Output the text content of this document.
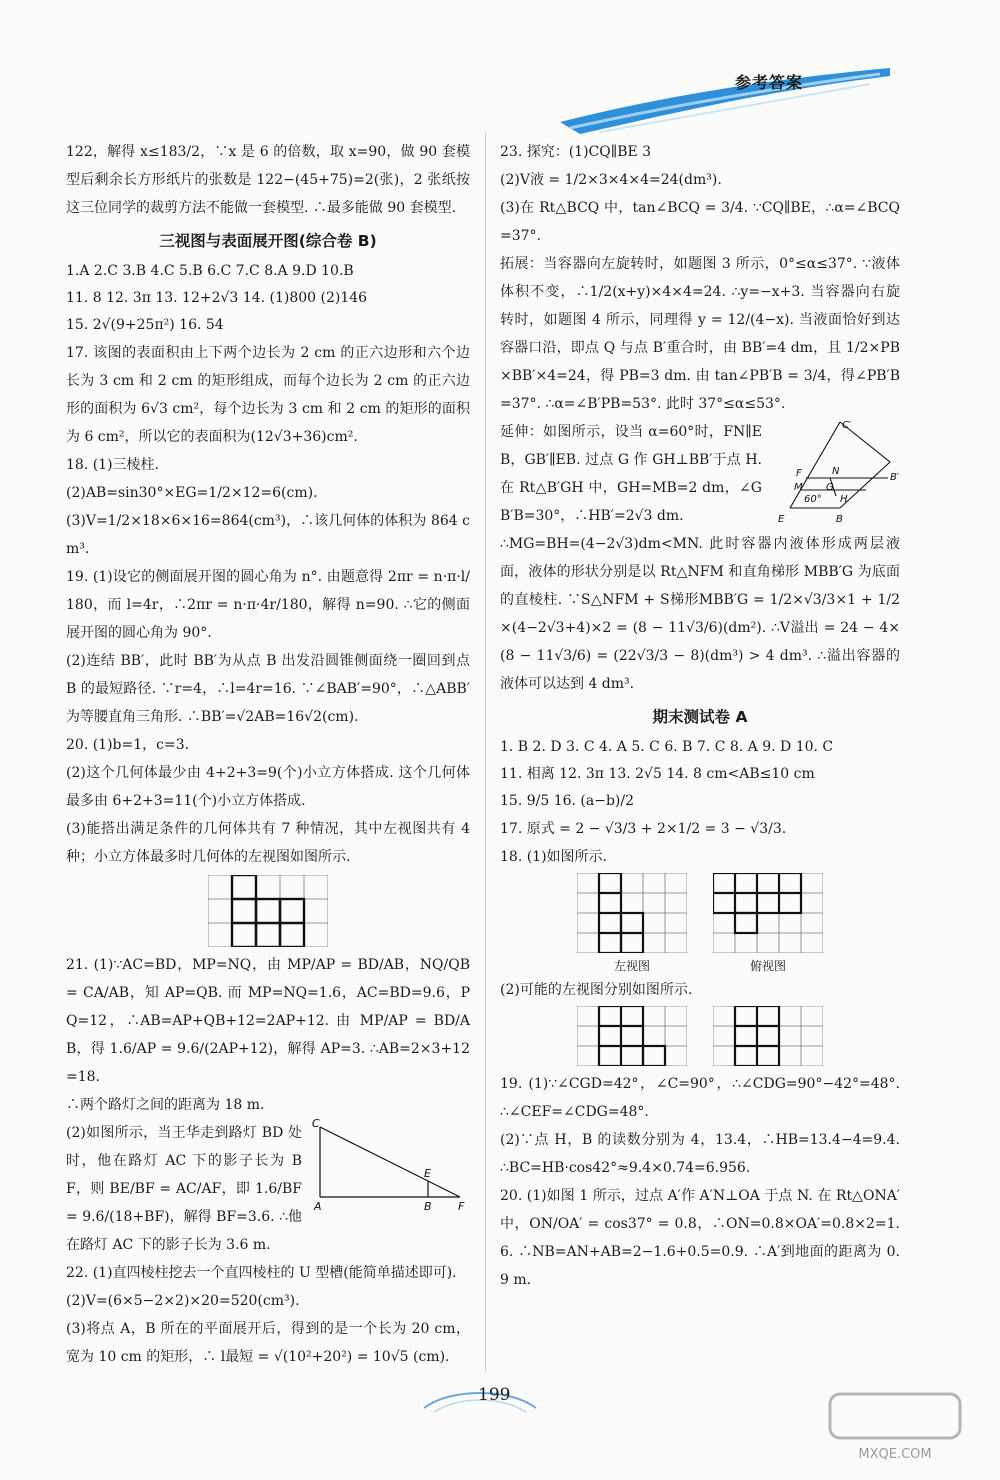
参考答案

122，解得 x≤183/2，∵x 是 6 的倍数，取 x=90，做 90 套模型后剩余长方形纸片的张数是 122−(45+75)=2(张)，2 张纸按这三位同学的裁剪方法不能做一套模型. ∴最多能做 90 套模型.

三视图与表面展开图(综合卷 B)

1.A 2.C 3.B 4.C 5.B 6.C 7.C 8.A 9.D 10.B

11. 8 12. 3π 13. 12+2√3 14. (1)800 (2)146

15. 2√(9+25π²) 16. 54

17. 该图的表面积由上下两个边长为 2 cm 的正六边形和六个边长为 3 cm 和 2 cm 的矩形组成，而每个边长为 2 cm 的正六边形的面积为 6√3 cm²，每个边长为 3 cm 和 2 cm 的矩形的面积为 6 cm²，所以它的表面积为(12√3+36)cm².

18. (1)三棱柱.

(2)AB=sin30°×EG=1/2×12=6(cm).

(3)V=1/2×18×6×16=864(cm³)，∴该几何体的体积为 864 cm³.

19. (1)设它的侧面展开图的圆心角为 n°. 由题意得 2πr = n·π·l/180，而 l=4r，∴2πr = n·π·4r/180，解得 n=90. ∴它的侧面展开图的圆心角为 90°.

(2)连结 BB′，此时 BB′为从点 B 出发沿圆锥侧面绕一圈回到点 B 的最短路径. ∵r=4，∴l=4r=16. ∵∠BAB′=90°，∴△ABB′为等腰直角三角形. ∴BB′=√2AB=16√2(cm).

20. (1)b=1，c=3.

(2)这个几何体最少由 4+2+3=9(个)小立方体搭成. 这个几何体最多由 6+2+3=11(个)小立方体搭成.

(3)能搭出满足条件的几何体共有 7 种情况，其中左视图共有 4 种；小立方体最多时几何体的左视图如图所示.

21. (1)∵AC=BD，MP=NQ，由 MP/AP = BD/AB，NQ/QB = CA/AB，知 AP=QB. 而 MP=NQ=1.6，AC=BD=9.6，PQ=12，∴AB=AP+QB+12=2AP+12. 由 MP/AP = BD/AB，得 1.6/AP = 9.6/(2AP+12)，解得 AP=3. ∴AB=2×3+12=18.

∴两个路灯之间的距离为 18 m.

C
E
A	B F

(2)如图所示，当王华走到路灯 BD 处时，他在路灯 AC 下的影子长为 BF，则 BE/BF = AC/AF，即 1.6/BF = 9.6/(18+BF)，解得 BF=3.6. ∴他在路灯 AC 下的影子长为 3.6 m.

22. (1)直四棱柱挖去一个直四棱柱的 U 型槽(能简单描述即可).

(2)V=(6×5−2×2)×20=520(cm³).

(3)将点 A，B 所在的平面展开后，得到的是一个长为 20 cm，宽为 10 cm 的矩形，∴ l最短 = √(10²+20²) = 10√5 (cm).

23. 探究：(1)CQ∥BE 3

(2)V液 = 1/2×3×4×4=24(dm³).

(3)在 Rt△BCQ 中，tan∠BCQ = 3/4. ∵CQ∥BE，∴α=∠BCQ=37°.

拓展：当容器向左旋转时，如题图 3 所示，0°≤α≤37°. ∵液体体积不变，∴1/2(x+y)×4×4=24. ∴y=−x+3. 当容器向右旋转时，如题图 4 所示，同理得 y = 12/(4−x). 当液面恰好到达容器口沿，即点 Q 与点 B′重合时，由 BB′=4 dm，且 1/2×PB×BB′×4=24，得 PB=3 dm. 由 tan∠PB′B = 3/4，得∠PB′B=37°. ∴α=∠B′PB=53°. 此时 37°≤α≤53°.

C′
F	N
B′
M G
60° H
E	B

延伸：如图所示，设当 α=60°时，FN∥EB，GB′∥EB. 过点 G 作 GH⊥BB′于点 H. 在 Rt△B′GH 中，GH=MB=2 dm，∠GB′B=30°，∴HB′=2√3 dm.

∴MG=BH=(4−2√3)dm<MN. 此时容器内液体形成两层液面，液体的形状分别是以 Rt△NFM 和直角梯形 MBB′G 为底面的直棱柱. ∵S△NFM + S梯形MBB′G = 1/2×√3/3×1 + 1/2×(4−2√3+4)×2 = (8 − 11√3/6)(dm²). ∴V溢出 = 24 − 4×(8 − 11√3/6) = (22√3/3 − 8)(dm³) > 4 dm³. ∴溢出容器的液体可以达到 4 dm³.

期末测试卷 A

1. B 2. D 3. C 4. A 5. C 6. B 7. C 8. A 9. D 10. C

11. 相离 12. 3π 13. 2√5 14. 8 cm<AB≤10 cm

15. 9/5 16. (a−b)/2

17. 原式 = 2 − √3/3 + 2×1/2 = 3 − √3/3.

18. (1)如图所示.

左视图	俯视图

(2)可能的左视图分别如图所示.

19. (1)∵∠CGD=42°，∠C=90°，∴∠CDG=90°−42°=48°. ∴∠CEF=∠CDG=48°.

(2)∵点 H，B 的读数分别为 4，13.4，∴HB=13.4−4=9.4. ∴BC=HB·cos42°≈9.4×0.74=6.956.

20. (1)如图 1 所示，过点 A′作 A′N⊥OA 于点 N. 在 Rt△ONA′中，ON/OA′ = cos37° = 0.8，∴ON=0.8×OA′=0.8×2=1.6. ∴NB=AN+AB=2−1.6+0.5=0.9. ∴A′到地面的距离为 0.9 m.

199
MXQE.COM
